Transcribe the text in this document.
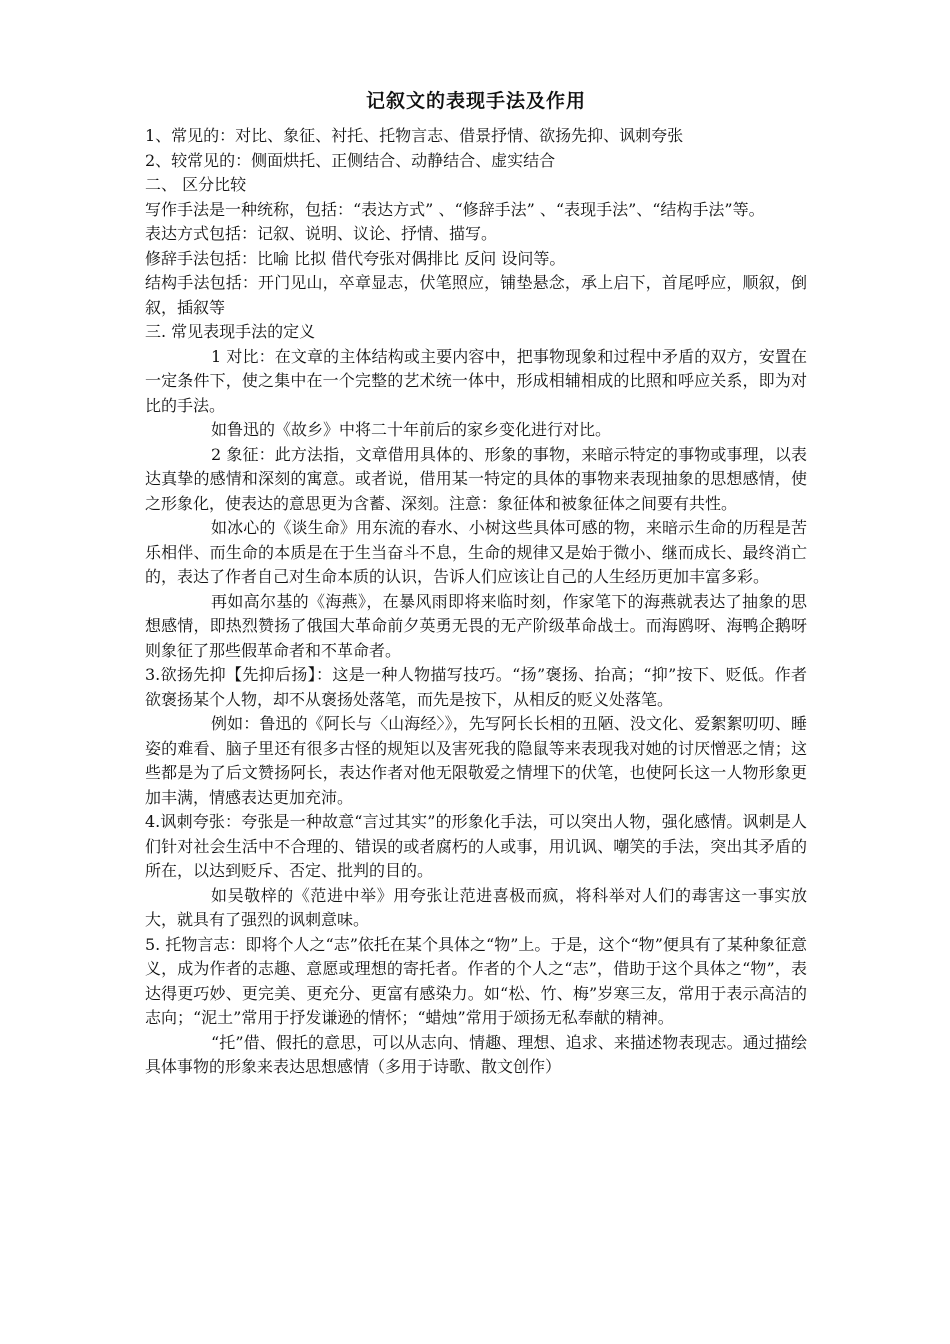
记叙文的表现手法及作用

1、常见的：对比、象征、衬托、托物言志、借景抒情、欲扬先抑、讽刺夸张

2、较常见的：侧面烘托、正侧结合、动静结合、虚实结合

二、 区分比较

写作手法是一种统称，包括：“表达方式” 、“修辞手法” 、“表现手法”、“结构手法”等。

表达方式包括：记叙、说明、议论、抒情、描写。

修辞手法包括：比喻 比拟 借代夸张对偶排比 反问 设问等。

结构手法包括：开门见山，卒章显志，伏笔照应，铺垫悬念，承上启下，首尾呼应，顺叙，倒叙，插叙等

三. 常见表现手法的定义

1 对比：在文章的主体结构或主要内容中，把事物现象和过程中矛盾的双方，安置在一定条件下，使之集中在一个完整的艺术统一体中，形成相辅相成的比照和呼应关系，即为对比的手法。

如鲁迅的《故乡》中将二十年前后的家乡变化进行对比。

2 象征：此方法指，文章借用具体的、形象的事物，来暗示特定的事物或事理，以表达真挚的感情和深刻的寓意。或者说，借用某一特定的具体的事物来表现抽象的思想感情，使之形象化，使表达的意思更为含蓄、深刻。注意：象征体和被象征体之间要有共性。

如冰心的《谈生命》用东流的春水、小树这些具体可感的物，来暗示生命的历程是苦乐相伴、而生命的本质是在于生当奋斗不息，生命的规律又是始于微小、继而成长、最终消亡的，表达了作者自己对生命本质的认识，告诉人们应该让自己的人生经历更加丰富多彩。

再如高尔基的《海燕》，在暴风雨即将来临时刻，作家笔下的海燕就表达了抽象的思想感情，即热烈赞扬了俄国大革命前夕英勇无畏的无产阶级革命战士。而海鸥呀、海鸭企鹅呀则象征了那些假革命者和不革命者。

3.欲扬先抑【先抑后扬】：这是一种人物描写技巧。“扬”褒扬、抬高；“抑”按下、贬低。作者欲褒扬某个人物，却不从褒扬处落笔，而先是按下，从相反的贬义处落笔。

例如：鲁迅的《阿长与〈山海经〉》，先写阿长长相的丑陋、没文化、爱絮絮叨叨、睡姿的难看、脑子里还有很多古怪的规矩以及害死我的隐鼠等来表现我对她的讨厌憎恶之情；这些都是为了后文赞扬阿长，表达作者对他无限敬爱之情埋下的伏笔，也使阿长这一人物形象更加丰满，情感表达更加充沛。

4.讽刺夸张：夸张是一种故意“言过其实”的形象化手法，可以突出人物，强化感情。讽刺是人们针对社会生活中不合理的、错误的或者腐朽的人或事，用讥讽、嘲笑的手法，突出其矛盾的所在，以达到贬斥、否定、批判的目的。

如吴敬梓的《范进中举》用夸张让范进喜极而疯，将科举对人们的毒害这一事实放大，就具有了强烈的讽刺意味。

5. 托物言志：即将个人之“志”依托在某个具体之“物”上。于是，这个“物”便具有了某种象征意义，成为作者的志趣、意愿或理想的寄托者。作者的个人之“志”，借助于这个具体之“物”，表达得更巧妙、更完美、更充分、更富有感染力。如“松、竹、梅”岁寒三友，常用于表示高洁的志向；“泥土”常用于抒发谦逊的情怀；“蜡烛”常用于颂扬无私奉献的精神。

“托”借、假托的意思，可以从志向、情趣、理想、追求、来描述物表现志。通过描绘具体事物的形象来表达思想感情（多用于诗歌、散文创作）
